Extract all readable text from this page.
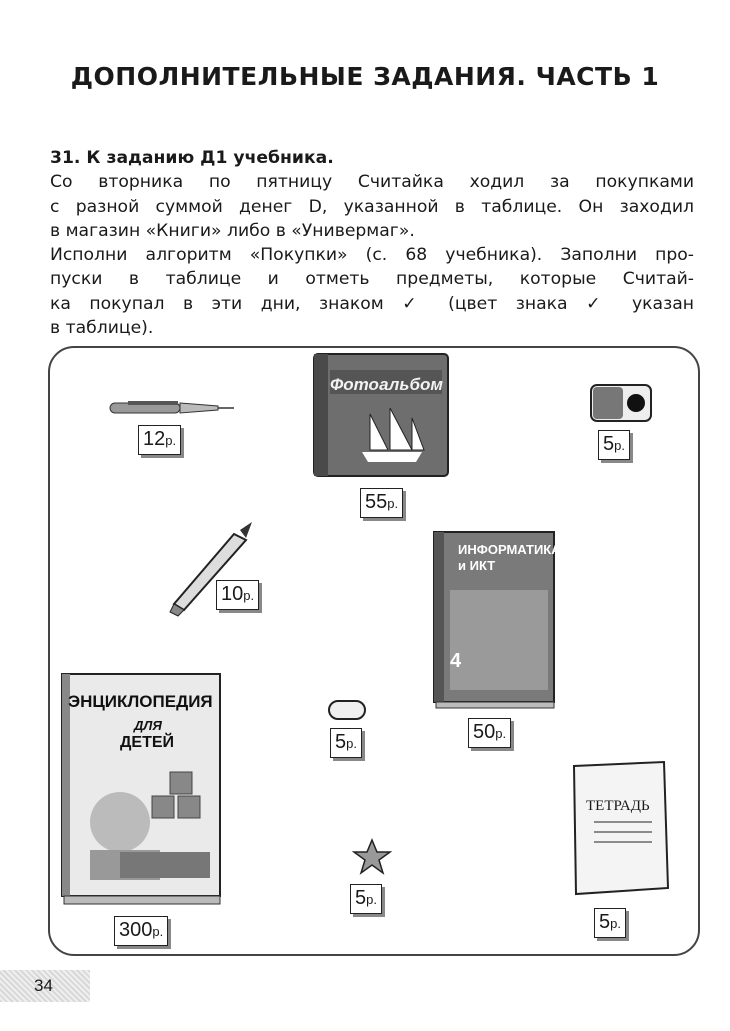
ДОПОЛНИТЕЛЬНЫЕ ЗАДАНИЯ. ЧАСТЬ 1
31. К заданию Д1 учебника.
Со вторника по пятницу Считайка ходил за покупками
с разной суммой денег D, указанной в таблице. Он заходил
в магазин «Книги» либо в «Универмаг».
Исполни алгоритм «Покупки» (с. 68 учебника). Заполни про-
пуски в таблице и отметь предметы, которые Считай-
ка покупал в эти дни, знаком ✓ (цвет знака ✓ указан
в таблице).
12р.
Фотоальбом
55р.
5р.
10р.
ИНФОРМАТИКА
и ИКТ
4
50р.
ЭНЦИКЛОПЕДИЯ
ДЛЯ
ДЕТЕЙ
300р.
5р.
ТЕТРАДЬ
5р.
5р.
34
